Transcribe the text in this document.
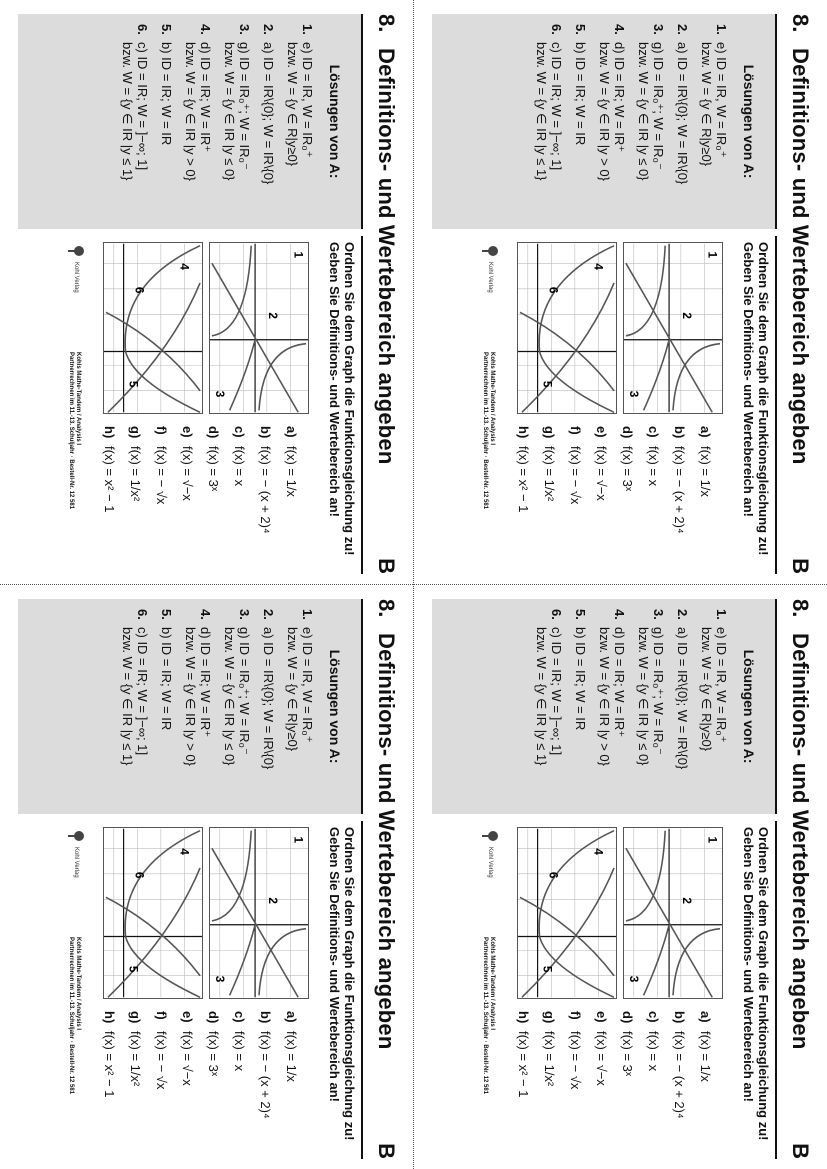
8.
Definitions- und Wertebereich angeben
B
Lösungen von A:
1.
e) ID = IR, W = IR₀⁺
bzw. W = {y ∈ R|y≥0}
2.
a) ID = IR\{0}; W = IR\{0}
3.
g) ID = IR₀⁺; W = IR₀⁻
bzw. W = {y ∈ IR |y ≤ 0}
4.
d) ID = IR; W = IR⁺
bzw. W = {y ∈ IR |y > 0}
5.
b) ID = IR; W = IR
6.
c) ID = IR; W = ]−∞; 1]
bzw. W = {y ∈ IR |y ≤ 1}
Ordnen Sie dem Graph die Funktionsgleichung zu! Geben Sie Definitions- und Wertebereich an!
1
2
3
4
5
6
a)
f(x) = 1/x
b)
f(x) = − (x + 2)⁴
c)
f(x) = x
d)
f(x) = 3ˣ
e)
f(x) = √−x
f)
f(x) = − √x
g)
f(x) = 1/x²
h)
f(x) = x² − 1
Kohl Verlag
Kohls Mathe-Tandem / Analysis I
Partnerrechnen im 11.-13. Schuljahr · Bestell-Nr. 12 581
8.
Definitions- und Wertebereich angeben
B
Lösungen von A:
1.
e) ID = IR, W = IR₀⁺
bzw. W = {y ∈ R|y≥0}
2.
a) ID = IR\{0}; W = IR\{0}
3.
g) ID = IR₀⁺; W = IR₀⁻
bzw. W = {y ∈ IR |y ≤ 0}
4.
d) ID = IR; W = IR⁺
bzw. W = {y ∈ IR |y > 0}
5.
b) ID = IR; W = IR
6.
c) ID = IR; W = ]−∞; 1]
bzw. W = {y ∈ IR |y ≤ 1}
Ordnen Sie dem Graph die Funktionsgleichung zu! Geben Sie Definitions- und Wertebereich an!
1
2
3
4
5
6
a)
f(x) = 1/x
b)
f(x) = − (x + 2)⁴
c)
f(x) = x
d)
f(x) = 3ˣ
e)
f(x) = √−x
f)
f(x) = − √x
g)
f(x) = 1/x²
h)
f(x) = x² − 1
Kohl Verlag
Kohls Mathe-Tandem / Analysis I
Partnerrechnen im 11.-13. Schuljahr · Bestell-Nr. 12 581
8.
Definitions- und Wertebereich angeben
B
Lösungen von A:
1.
e) ID = IR, W = IR₀⁺
bzw. W = {y ∈ R|y≥0}
2.
a) ID = IR\{0}; W = IR\{0}
3.
g) ID = IR₀⁺; W = IR₀⁻
bzw. W = {y ∈ IR |y ≤ 0}
4.
d) ID = IR; W = IR⁺
bzw. W = {y ∈ IR |y > 0}
5.
b) ID = IR; W = IR
6.
c) ID = IR; W = ]−∞; 1]
bzw. W = {y ∈ IR |y ≤ 1}
Ordnen Sie dem Graph die Funktionsgleichung zu! Geben Sie Definitions- und Wertebereich an!
1
2
3
4
5
6
a)
f(x) = 1/x
b)
f(x) = − (x + 2)⁴
c)
f(x) = x
d)
f(x) = 3ˣ
e)
f(x) = √−x
f)
f(x) = − √x
g)
f(x) = 1/x²
h)
f(x) = x² − 1
Kohl Verlag
Kohls Mathe-Tandem / Analysis I
Partnerrechnen im 11.-13. Schuljahr · Bestell-Nr. 12 581
8.
Definitions- und Wertebereich angeben
B
Lösungen von A:
1.
e) ID = IR, W = IR₀⁺
bzw. W = {y ∈ R|y≥0}
2.
a) ID = IR\{0}; W = IR\{0}
3.
g) ID = IR₀⁺; W = IR₀⁻
bzw. W = {y ∈ IR |y ≤ 0}
4.
d) ID = IR; W = IR⁺
bzw. W = {y ∈ IR |y > 0}
5.
b) ID = IR; W = IR
6.
c) ID = IR; W = ]−∞; 1]
bzw. W = {y ∈ IR |y ≤ 1}
Ordnen Sie dem Graph die Funktionsgleichung zu! Geben Sie Definitions- und Wertebereich an!
1
2
3
4
5
6
a)
f(x) = 1/x
b)
f(x) = − (x + 2)⁴
c)
f(x) = x
d)
f(x) = 3ˣ
e)
f(x) = √−x
f)
f(x) = − √x
g)
f(x) = 1/x²
h)
f(x) = x² − 1
Kohl Verlag
Kohls Mathe-Tandem / Analysis I
Partnerrechnen im 11.-13. Schuljahr · Bestell-Nr. 12 581
